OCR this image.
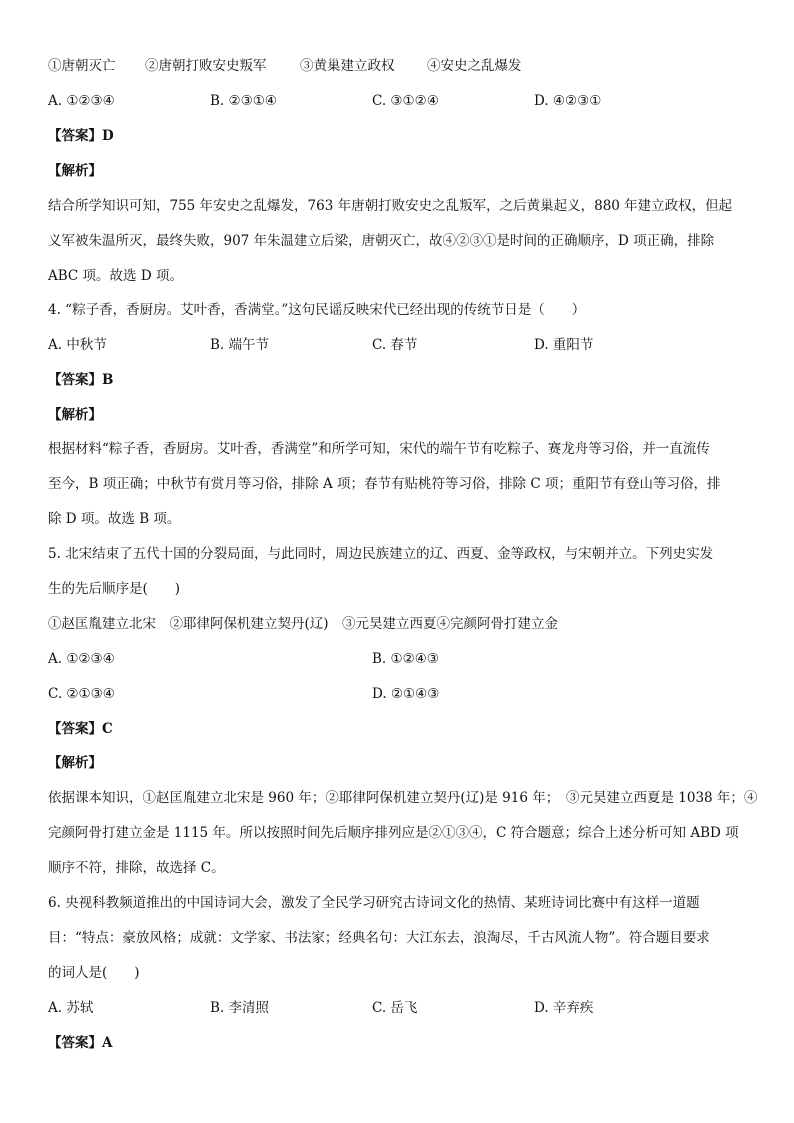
①唐朝灭亡 ②唐朝打败安史叛军 ③黄巢建立政权 ④安史之乱爆发
A. ①②③④	B. ②③①④	C. ③①②④	D. ④②③①
【答案】D
【解析】
结合所学知识可知，755 年安史之乱爆发，763 年唐朝打败安史之乱叛军，之后黄巢起义，880 年建立政权，但起
义军被朱温所灭，最终失败，907 年朱温建立后梁，唐朝灭亡，故④②③①是时间的正确顺序，D 项正确，排除
ABC 项。故选 D 项。
4. “粽子香，香厨房。艾叶香，香满堂。”这句民谣反映宋代已经出现的传统节日是（　　）
A. 中秋节	B. 端午节	C. 春节	D. 重阳节
【答案】B
【解析】
根据材料“粽子香，香厨房。艾叶香，香满堂”和所学可知，宋代的端午节有吃粽子、赛龙舟等习俗，并一直流传
至今，B 项正确；中秋节有赏月等习俗，排除 A 项；春节有贴桃符等习俗，排除 C 项；重阳节有登山等习俗，排
除 D 项。故选 B 项。
5. 北宋结束了五代十国的分裂局面，与此同时，周边民族建立的辽、西夏、金等政权，与宋朝并立。下列史实发
生的先后顺序是(　　)
①赵匡胤建立北宋　②耶律阿保机建立契丹(辽)　③元昊建立西夏④完颜阿骨打建立金
A. ①②③④	B. ①②④③
C. ②①③④	D. ②①④③
【答案】C
【解析】
依据课本知识，①赵匡胤建立北宋是 960 年；②耶律阿保机建立契丹(辽)是 916 年；　③元昊建立西夏是 1038 年；④
完颜阿骨打建立金是 1115 年。所以按照时间先后顺序排列应是②①③④，C 符合题意；综合上述分析可知 ABD 项
顺序不符，排除，故选择 C。
6. 央视科教频道推出的中国诗词大会，激发了全民学习研究古诗词文化的热情、某班诗词比赛中有这样一道题
目：“特点：豪放风格；成就：文学家、书法家；经典名句：大江东去，浪淘尽，千古风流人物”。符合题目要求
的词人是(　　)
A. 苏轼	B. 李清照	C. 岳飞	D. 辛弃疾
【答案】A
